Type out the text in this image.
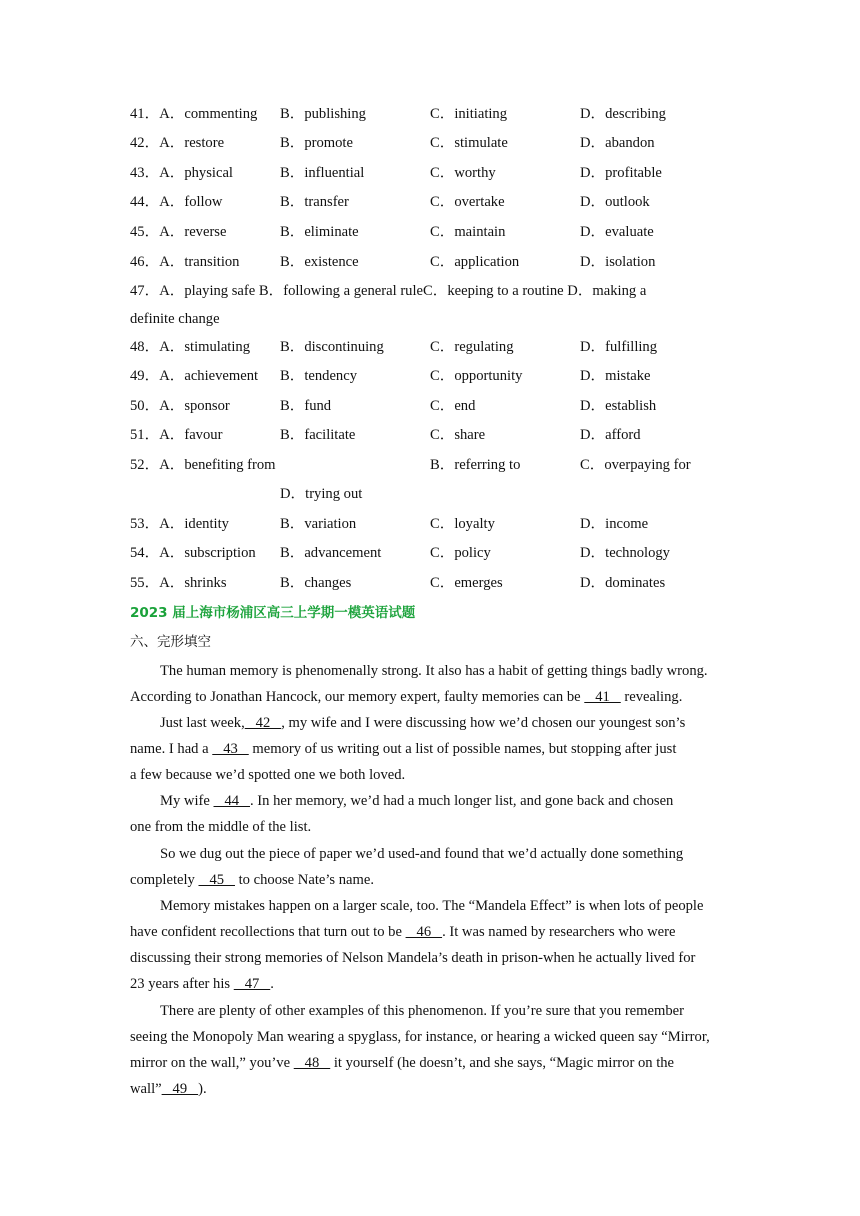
41．A．commenting B．publishing	C．initiating	D．describing
42．A．restore	B．promote	C．stimulate	D．abandon
43．A．physical	B．influential	C．worthy	D．profitable
44．A．follow	B．transfer	C．overtake	D．outlook
45．A．reverse	B．eliminate	C．maintain	D．evaluate
46．A．transition	B．existence	C．application	D．isolation
47．A．playing safe B．following a general ruleC．keeping to a routine D．making a
definite change
48．A．stimulating B．discontinuing	C．regulating	D．fulfilling
49．A．achievement B．tendency	C．opportunity	D．mistake
50．A．sponsor	B．fund	C．end	D．establish
51．A．favour	B．facilitate	C．share	D．afford
52．A．benefiting from	B．referring to	C．overpaying for
D．trying out
53．A．identity	B．variation	C．loyalty	D．income
54．A．subscription B．advancement	C．policy	D．technology
55．A．shrinks	B．changes	C．emerges	D．dominates
2023 届上海市杨浦区高三上学期一模英语试题
六、完形填空
The human memory is phenomenally strong. It also has a habit of getting things badly wrong.
According to Jonathan Hancock, our memory expert, faulty memories can be    41    revealing.
Just last week,   42   , my wife and I were discussing how we’d chosen our youngest son’s
name. I had a    43    memory of us writing out a list of possible names, but stopping after just
a few because we’d spotted one we both loved.
My wife    44   . In her memory, we’d had a much longer list, and gone back and chosen
one from the middle of the list.
So we dug out the piece of paper we’d used-and found that we’d actually done something
completely    45    to choose Nate’s name.
Memory mistakes happen on a larger scale, too. The “Mandela Effect” is when lots of people
have confident recollections that turn out to be    46   . It was named by researchers who were
discussing their strong memories of Nelson Mandela’s death in prison-when he actually lived for
23 years after his    47   .
There are plenty of other examples of this phenomenon. If you’re sure that you remember
seeing the Monopoly Man wearing a spyglass, for instance, or hearing a wicked queen say “Mirror,
mirror on the wall,” you’ve    48    it yourself (he doesn’t, and she says, “Magic mirror on the
wall”   49   ).
